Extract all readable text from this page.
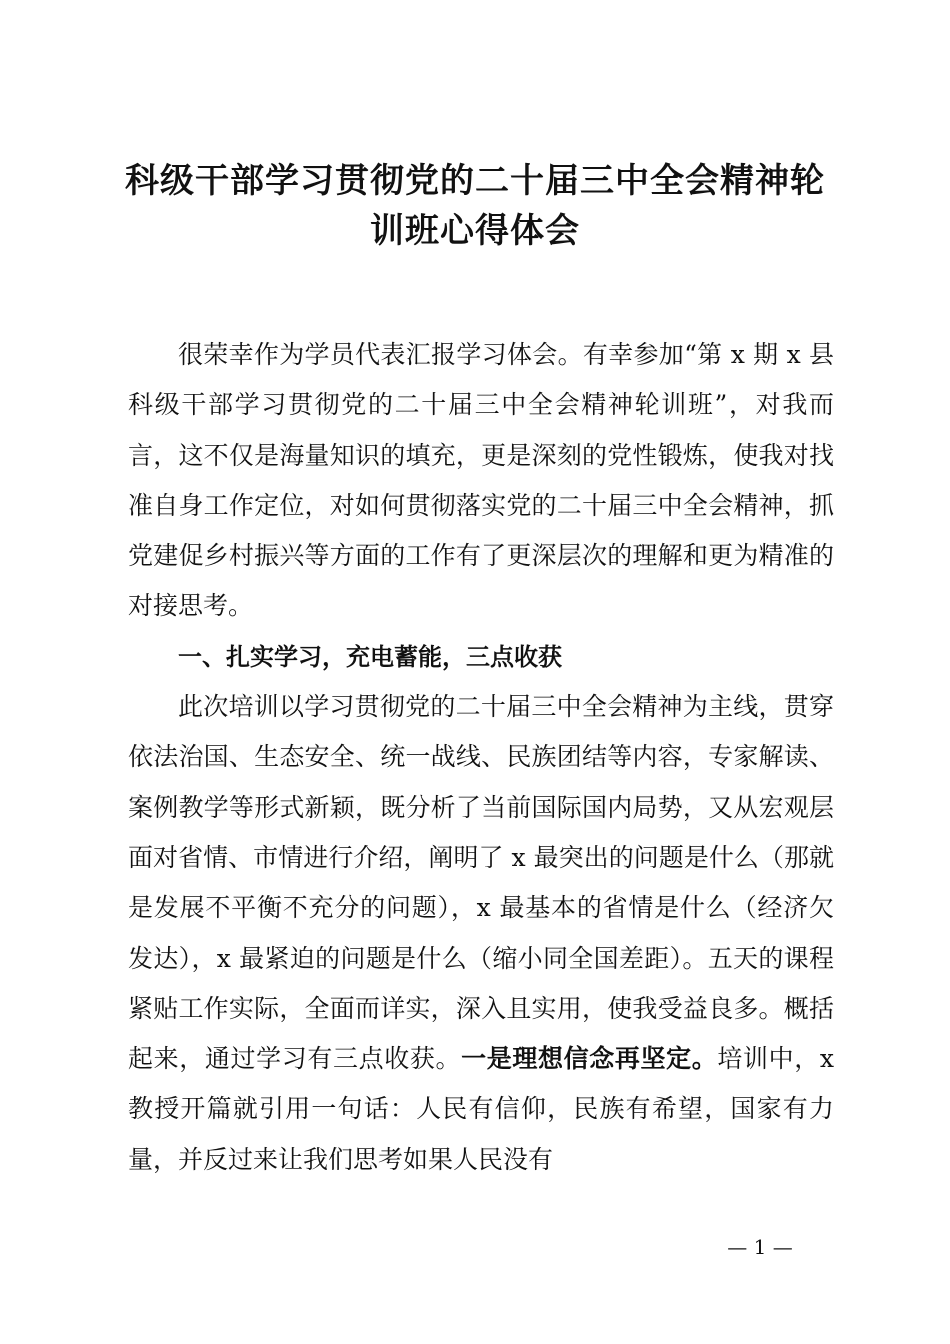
科级干部学习贯彻党的二十届三中全会精神轮
训班心得体会

很荣幸作为学员代表汇报学习体会。有幸参加“第 x 期 x 县科级干部学习贯彻党的二十届三中全会精神轮训班”，对我而言，这不仅是海量知识的填充，更是深刻的党性锻炼，使我对找准自身工作定位，对如何贯彻落实党的二十届三中全会精神，抓党建促乡村振兴等方面的工作有了更深层次的理解和更为精准的对接思考。

一、扎实学习，充电蓄能，三点收获

此次培训以学习贯彻党的二十届三中全会精神为主线，贯穿依法治国、生态安全、统一战线、民族团结等内容，专家解读、案例教学等形式新颖，既分析了当前国际国内局势，又从宏观层面对省情、市情进行介绍，阐明了 x 最突出的问题是什么（那就是发展不平衡不充分的问题），x 最基本的省情是什么（经济欠发达），x 最紧迫的问题是什么（缩小同全国差距）。五天的课程紧贴工作实际，全面而详实，深入且实用，使我受益良多。概括起来，通过学习有三点收获。一是理想信念再坚定。培训中，x 教授开篇就引用一句话：人民有信仰，民族有希望，国家有力量，并反过来让我们思考如果人民没有

— 1 —
